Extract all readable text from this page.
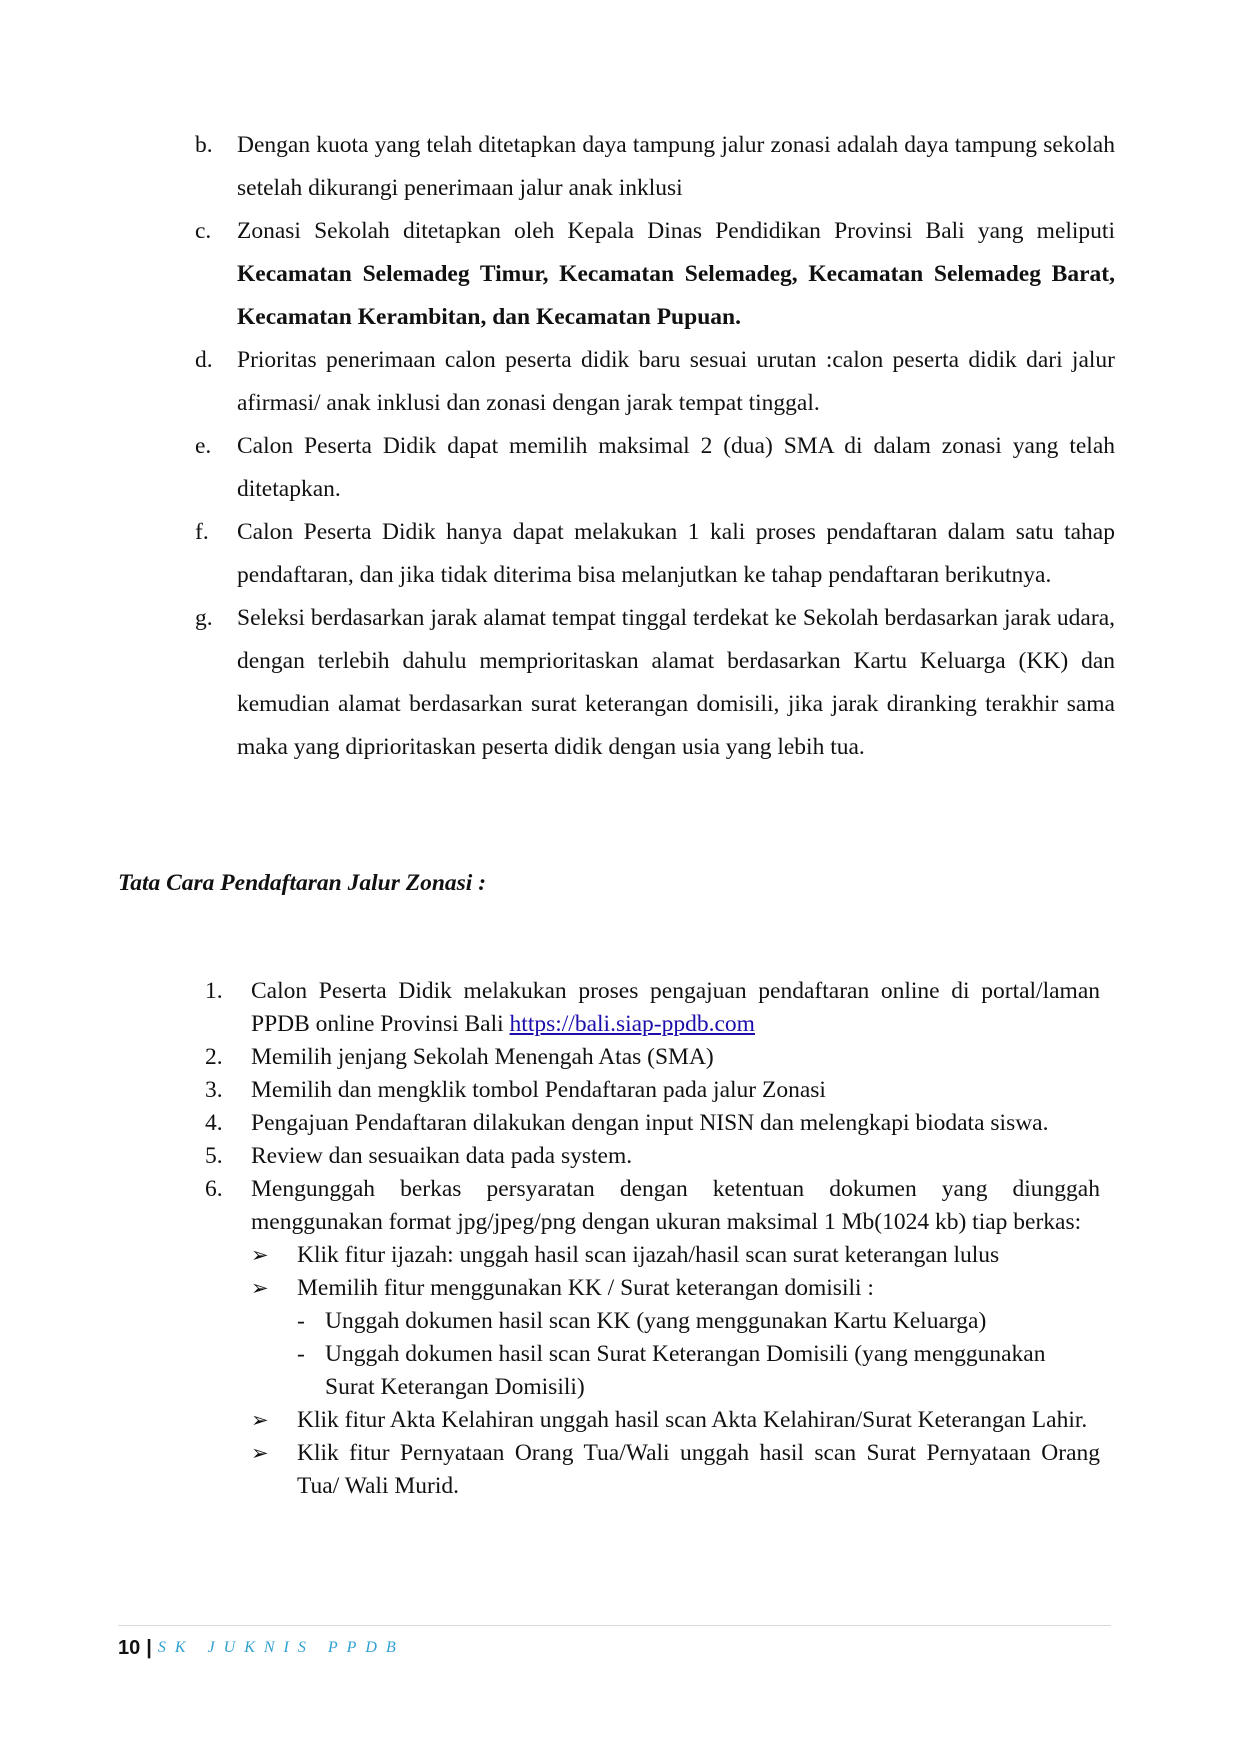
b. Dengan kuota yang telah ditetapkan daya tampung jalur zonasi adalah daya tampung sekolah setelah dikurangi penerimaan jalur anak inklusi
c. Zonasi Sekolah ditetapkan oleh Kepala Dinas Pendidikan Provinsi Bali yang meliputi Kecamatan Selemadeg Timur, Kecamatan Selemadeg, Kecamatan Selemadeg Barat, Kecamatan Kerambitan, dan Kecamatan Pupuan.
d. Prioritas penerimaan calon peserta didik baru sesuai urutan :calon peserta didik dari jalur afirmasi/ anak inklusi dan zonasi dengan jarak tempat tinggal.
e. Calon Peserta Didik dapat memilih maksimal 2 (dua) SMA di dalam zonasi yang telah ditetapkan.
f. Calon Peserta Didik hanya dapat melakukan 1 kali proses pendaftaran dalam satu tahap pendaftaran, dan jika tidak diterima bisa melanjutkan ke tahap pendaftaran berikutnya.
g. Seleksi berdasarkan jarak alamat tempat tinggal terdekat ke Sekolah berdasarkan jarak udara, dengan terlebih dahulu memprioritaskan alamat berdasarkan Kartu Keluarga (KK) dan kemudian alamat berdasarkan surat keterangan domisili, jika jarak diranking terakhir sama maka yang diprioritaskan peserta didik dengan usia yang lebih tua.
Tata Cara Pendaftaran Jalur Zonasi :
1. Calon Peserta Didik melakukan proses pengajuan pendaftaran online di portal/laman PPDB online Provinsi Bali https://bali.siap-ppdb.com
2. Memilih jenjang Sekolah Menengah Atas (SMA)
3. Memilih dan mengklik tombol Pendaftaran pada jalur Zonasi
4. Pengajuan Pendaftaran dilakukan dengan input NISN dan melengkapi biodata siswa.
5. Review dan sesuaikan data pada system.
6. Mengunggah berkas persyaratan dengan ketentuan dokumen yang diunggah menggunakan format jpg/jpeg/png dengan ukuran maksimal 1 Mb(1024 kb) tiap berkas:
➢ Klik fitur ijazah: unggah hasil scan ijazah/hasil scan surat keterangan lulus
➢ Memilih fitur menggunakan KK / Surat keterangan domisili :
- Unggah dokumen hasil scan KK (yang menggunakan Kartu Keluarga)
- Unggah dokumen hasil scan Surat Keterangan Domisili (yang menggunakan Surat Keterangan Domisili)
➢ Klik fitur Akta Kelahiran unggah hasil scan Akta Kelahiran/Surat Keterangan Lahir.
➢ Klik fitur Pernyataan Orang Tua/Wali unggah hasil scan Surat Pernyataan Orang Tua/ Wali Murid.
10 | SK JUKNIS PPDB
